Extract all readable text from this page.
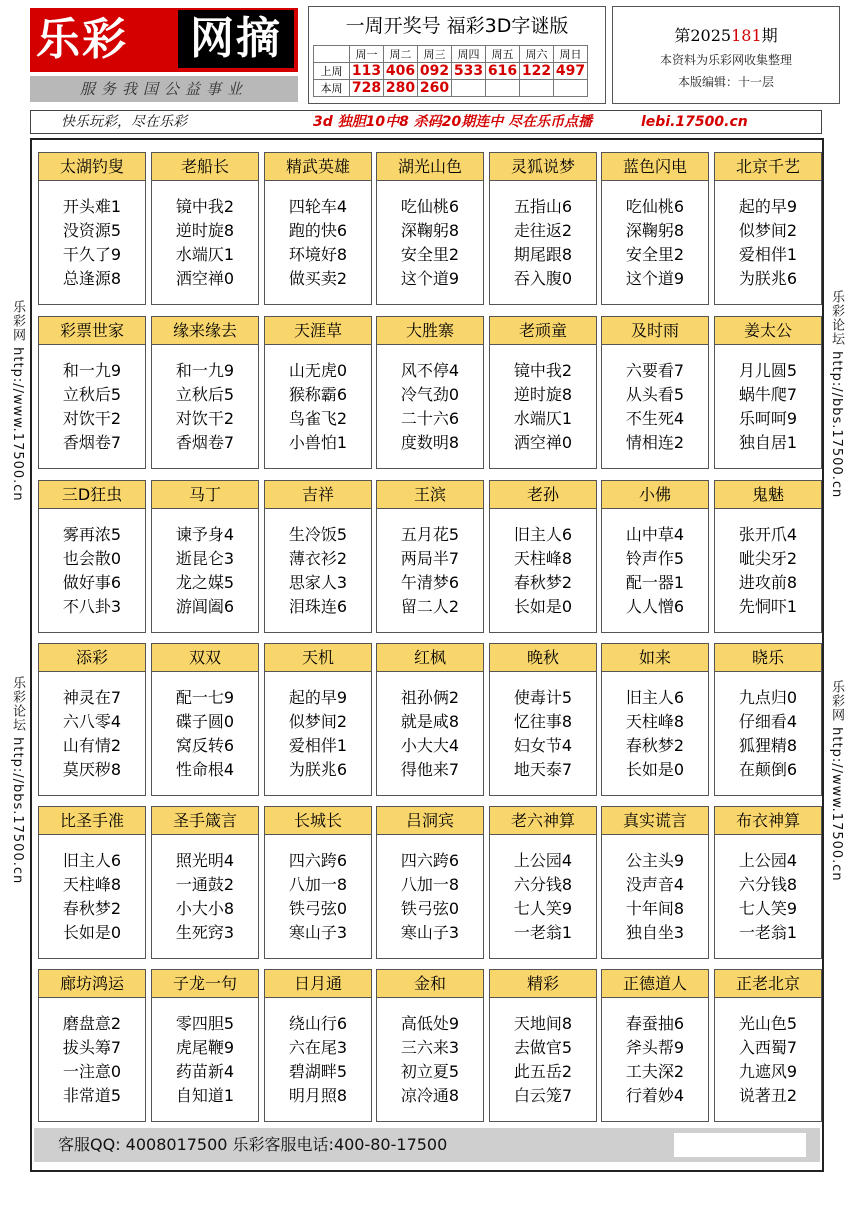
乐彩	网摘
服务我国公益事业
一周开奖号 福彩3D字谜版
	周一	周二	周三	周四	周五	周六	周日
上周	113	406	092	533	616	122	497
本周	728	280	260				
第2025181期
本资料为乐彩网收集整理
本版编辑：十一层
快乐玩彩，尽在乐彩	3d 独胆10中8 杀码20期连中 尽在乐币点播	lebi.17500.cn
乐彩网 http://www.17500.cn
乐彩论坛 http://bbs.17500.cn
乐彩论坛 http://bbs.17500.cn
乐彩网 http://www.17500.cn
客服QQ: 4008017500 乐彩客服电话:400-80-17500
太湖钓叟
开头难1
没资源5
干久了9
总逢源8
老船长
镜中我2
逆时旋8
水端仄1
洒空禅0
精武英雄
四轮车4
跑的快6
环境好8
做买卖2
湖光山色
吃仙桃6
深鞠躬8
安全里2
这个道9
灵狐说梦
五指山6
走往返2
期尾跟8
吞入腹0
蓝色闪电
吃仙桃6
深鞠躬8
安全里2
这个道9
北京千艺
起的早9
似梦间2
爱相伴1
为朕兆6
彩票世家
和一九9
立秋后5
对饮干2
香烟卷7
缘来缘去
和一九9
立秋后5
对饮干2
香烟卷7
天涯草
山无虎0
猴称霸6
鸟雀飞2
小兽怕1
大胜寨
风不停4
冷气劲0
二十六6
度数明8
老顽童
镜中我2
逆时旋8
水端仄1
洒空禅0
及时雨
六要看7
从头看5
不生死4
情相连2
姜太公
月儿圆5
蜗牛爬7
乐呵呵9
独自居1
三D狂虫
雾再浓5
也会散0
做好事6
不八卦3
马丁
谏予身4
逝昆仑3
龙之媒5
游阊阖6
吉祥
生冷饭5
薄衣衫2
思家人3
泪珠连6
王滨
五月花5
两局半7
午清梦6
留二人2
老孙
旧主人6
天柱峰8
春秋梦2
长如是0
小佛
山中草4
铃声作5
配一器1
人人憎6
鬼魅
张开爪4
呲尖牙2
进攻前8
先恫吓1
添彩
神灵在7
六八零4
山有情2
莫厌秽8
双双
配一七9
碟子圆0
窝反转6
性命根4
天机
起的早9
似梦间2
爱相伴1
为朕兆6
红枫
祖孙俩2
就是咸8
小大大4
得他来7
晚秋
使毒计5
忆往事8
妇女节4
地天泰7
如来
旧主人6
天柱峰8
春秋梦2
长如是0
晓乐
九点归0
仔细看4
狐狸精8
在颠倒6
比圣手准
旧主人6
天柱峰8
春秋梦2
长如是0
圣手箴言
照光明4
一通鼓2
小大小8
生死窍3
长城长
四六跨6
八加一8
铁弓弦0
寒山子3
吕洞宾
四六跨6
八加一8
铁弓弦0
寒山子3
老六神算
上公园4
六分钱8
七人笑9
一老翁1
真实谎言
公主头9
没声音4
十年间8
独自坐3
布衣神算
上公园4
六分钱8
七人笑9
一老翁1
廊坊鸿运
磨盘意2
拔头筹7
一注意0
非常道5
子龙一句
零四胆5
虎尾鞭9
药苗新4
自知道1
日月通
绕山行6
六在尾3
碧湖畔5
明月照8
金和
高低处9
三六来3
初立夏5
凉冷通8
精彩
天地间8
去做官5
此五岳2
白云笼7
正德道人
春蚕抽6
斧头帮9
工夫深2
行着妙4
正老北京
光山色5
入西蜀7
九遮风9
说著丑2
